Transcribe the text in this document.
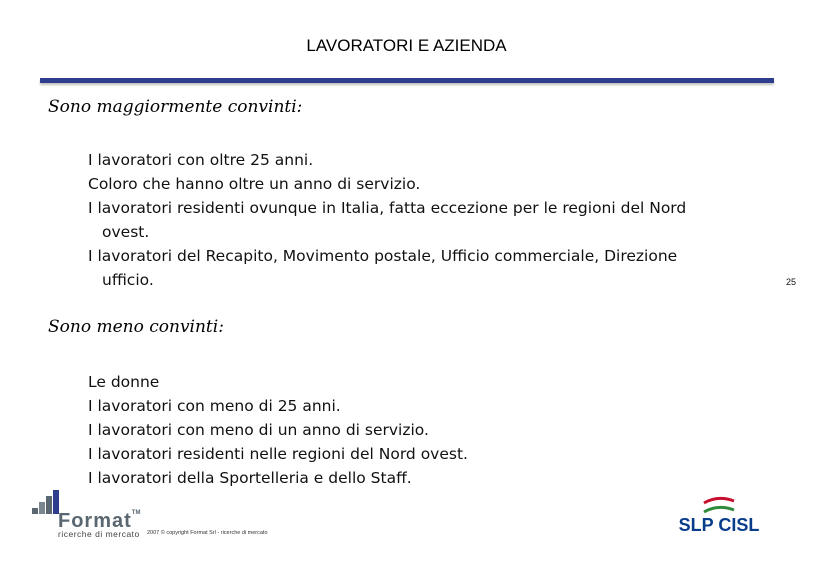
LAVORATORI E AZIENDA
Sono maggiormente convinti:
I lavoratori con oltre 25 anni.
Coloro che hanno oltre un anno di servizio.
I lavoratori residenti ovunque in Italia, fatta eccezione per le regioni del Nord
ovest.
I lavoratori del Recapito, Movimento postale, Ufficio commerciale, Direzione
ufficio.	25
Sono meno convinti:
Le donne
I lavoratori con meno di 25 anni.
I lavoratori con meno di un anno di servizio.
I lavoratori residenti nelle regioni del Nord ovest.
I lavoratori della Sportelleria e dello Staff.
Format™
ricerche di mercato 2007 © copyright Format Srl - ricerche di mercato	SLP CISL
